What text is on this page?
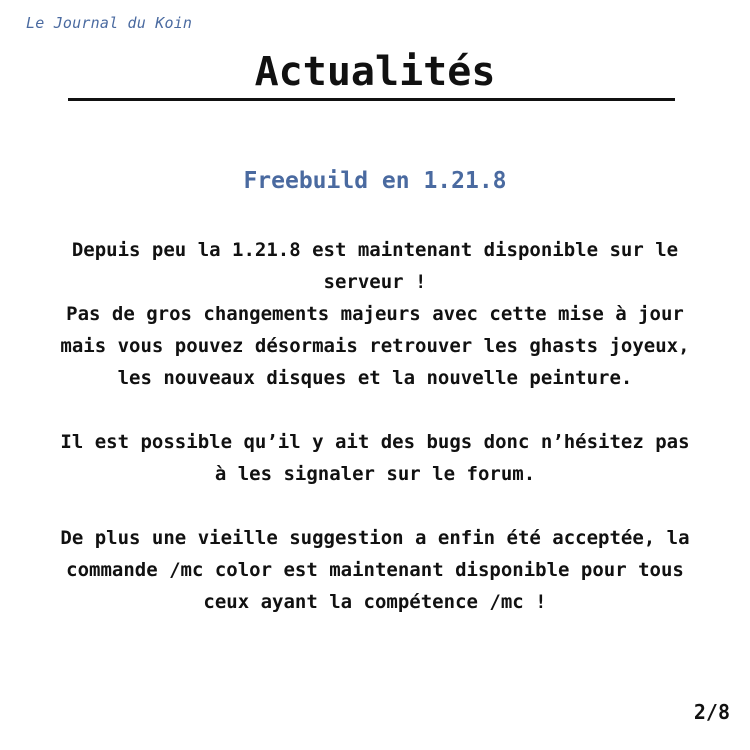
Le Journal du Koin
Actualités
Freebuild en 1.21.8

Depuis peu la 1.21.8 est maintenant disponible sur le serveur !
Pas de gros changements majeurs avec cette mise à jour mais vous pouvez désormais retrouver les ghasts joyeux, les nouveaux disques et la nouvelle peinture.

Il est possible qu’il y ait des bugs donc n’hésitez pas à les signaler sur le forum.

De plus une vieille suggestion a enfin été acceptée, la commande /mc color est maintenant disponible pour tous ceux ayant la compétence /mc !

2/8
